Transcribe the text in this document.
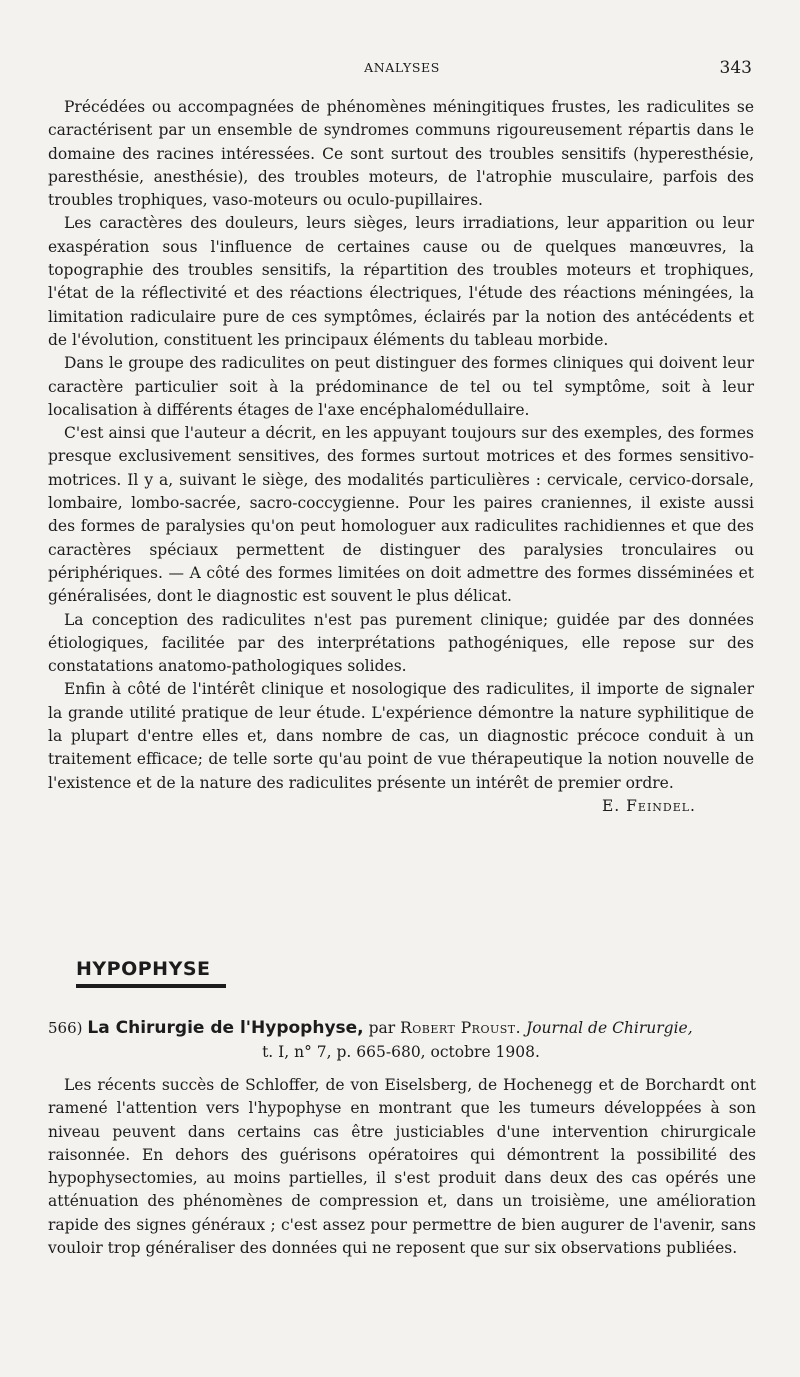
ANALYSES	343

Précédées ou accompagnées de phénomènes méningitiques frustes, les radiculites se caractérisent par un ensemble de syndromes communs rigoureusement répartis dans le domaine des racines intéressées. Ce sont surtout des troubles sensitifs (hyperesthésie, paresthésie, anesthésie), des troubles moteurs, de l'atrophie musculaire, parfois des troubles trophiques, vaso-moteurs ou oculo-pupillaires.

Les caractères des douleurs, leurs sièges, leurs irradiations, leur apparition ou leur exaspération sous l'influence de certaines cause ou de quelques manœuvres, la topographie des troubles sensitifs, la répartition des troubles moteurs et trophiques, l'état de la réflectivité et des réactions électriques, l'étude des réactions méningées, la limitation radiculaire pure de ces symptômes, éclairés par la notion des antécédents et de l'évolution, constituent les principaux éléments du tableau morbide.

Dans le groupe des radiculites on peut distinguer des formes cliniques qui doivent leur caractère particulier soit à la prédominance de tel ou tel symptôme, soit à leur localisation à différents étages de l'axe encéphalomédullaire.

C'est ainsi que l'auteur a décrit, en les appuyant toujours sur des exemples, des formes presque exclusivement sensitives, des formes surtout motrices et des formes sensitivo-motrices. Il y a, suivant le siège, des modalités particulières : cervicale, cervico-dorsale, lombaire, lombo-sacrée, sacro-coccygienne. Pour les paires craniennes, il existe aussi des formes de paralysies qu'on peut homologuer aux radiculites rachidiennes et que des caractères spéciaux permettent de distinguer des paralysies tronculaires ou périphériques. — A côté des formes limitées on doit admettre des formes disséminées et généralisées, dont le diagnostic est souvent le plus délicat.

La conception des radiculites n'est pas purement clinique; guidée par des données étiologiques, facilitée par des interprétations pathogéniques, elle repose sur des constatations anatomo-pathologiques solides.

Enfin à côté de l'intérêt clinique et nosologique des radiculites, il importe de signaler la grande utilité pratique de leur étude. L'expérience démontre la nature syphilitique de la plupart d'entre elles et, dans nombre de cas, un diagnostic précoce conduit à un traitement efficace; de telle sorte qu'au point de vue thérapeutique la notion nouvelle de l'existence et de la nature des radiculites présente un intérêt de premier ordre.

E. Feindel.

HYPOPHYSE

566) La Chirurgie de l'Hypophyse, par Robert Proust. Journal de Chirurgie,

t. I, n° 7, p. 665-680, octobre 1908.

Les récents succès de Schloffer, de von Eiselsberg, de Hochenegg et de Borchardt ont ramené l'attention vers l'hypophyse en montrant que les tumeurs développées à son niveau peuvent dans certains cas être justiciables d'une intervention chirurgicale raisonnée. En dehors des guérisons opératoires qui démontrent la possibilité des hypophysectomies, au moins partielles, il s'est produit dans deux des cas opérés une atténuation des phénomènes de compression et, dans un troisième, une amélioration rapide des signes généraux ; c'est assez pour permettre de bien augurer de l'avenir, sans vouloir trop généraliser des données qui ne reposent que sur six observations publiées.
